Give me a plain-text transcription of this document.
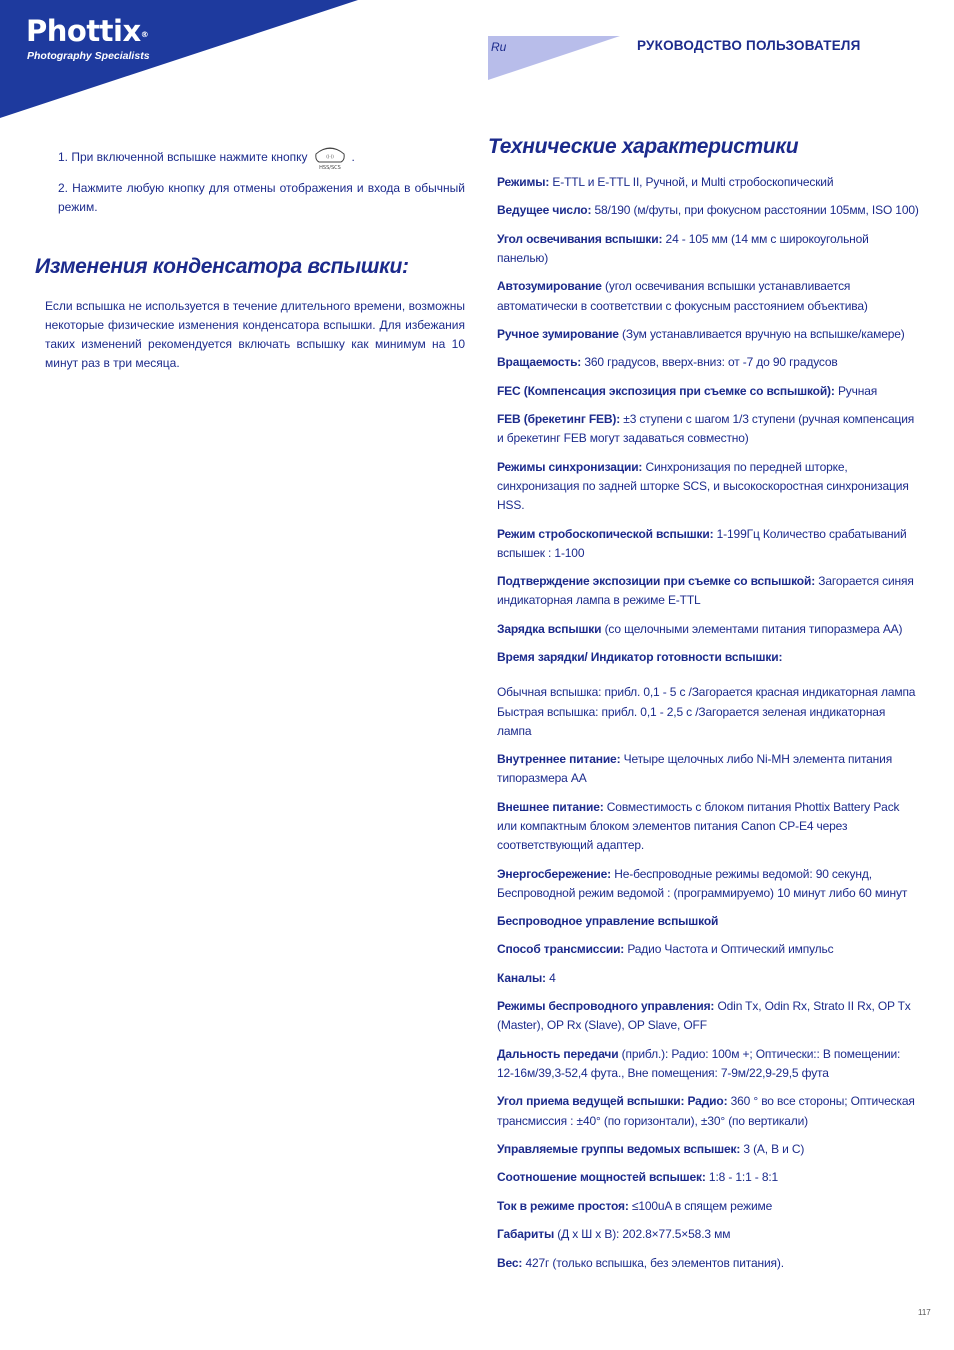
Phottix®
Photography Specialists
Ru	РУКОВОДСТВО ПОЛЬЗОВАТЕЛЯ

1. При включенной вспышке нажмите кнопку	((·))
HSS/SCS
.

2. Нажмите любую кнопку для отмены отображения и входа в обычный режим.

Изменения конденсатора вспышки:

Если вспышка не используется в течение длительного времени, возможны некоторые физические изменения конденсатора вспышки. Для избежания таких изменений рекомендуется включать вспышку как минимум на 10 минут раз в три месяца.

Технические характеристики

Режимы: E-TTL и E-TTL II, Ручной, и Multi стробоскопический

Ведущее число: 58/190 (м/футы, при фокусном расстоянии 105мм, ISO 100)

Угол освечивания вспышки: 24 - 105 мм (14 мм с широкоугольной панелью)

Автозумирование (угол освечивания вспышки устанавливается автоматически в соответствии с фокусным расстоянием объектива)

Ручное зумирование (Зум устанавливается вручную на вспышке/камере)

Вращаемость: 360 градусов, вверх-вниз: от -7 до 90 градусов

FEC (Компенсация экспозиция при съемке со вспышкой): Ручная

FEB (брекетинг FEB): ±3 ступени с шагом 1/3 ступени (ручная компенсация и брекетинг FEB могут задаваться совместно)

Режимы синхронизации: Синхронизация по передней шторке, синхронизация по задней шторке SCS, и высокоскоростная синхронизация HSS.

Режим стробоскопической вспышки: 1-199Гц Количество срабатываний вспышек : 1-100

Подтверждение экспозиции при съемке со вспышкой: Загорается синяя индикаторная лампа в режиме E-TTL

Зарядка вспышки (со щелочными элементами питания типоразмера AA)

Время зарядки/ Индикатор готовности вспышки:

Обычная вспышка: прибл. 0,1 - 5 с /Загорается красная индикаторная лампа

Быстрая вспышка: прибл. 0,1 - 2,5 с /Загорается зеленая индикаторная лампа

Внутреннее питание: Четыре щелочных либо Ni-MH элемента питания типоразмера AA

Внешнее питание: Совместимость с блоком питания Phottix Battery Pack или компактным блоком элементов питания Canon CP-E4 через соответствующий адаптер.

Энергосбережение: Не-беспроводные режимы ведомой: 90 секунд, Беспроводной режим ведомой : (программируемо) 10 минут либо 60 минут

Беспроводное управление вспышкой

Способ трансмиссии: Радио Частота и Оптический импульс

Каналы: 4

Режимы беспроводного управления: Odin Tx, Odin Rx, Strato II Rx, OP Tx (Master), OP Rx (Slave), OP Slave, OFF

Дальность передачи (прибл.): Радио: 100м +; Оптически:: В помещении: 12-16м/39,3-52,4 фута., Вне помещения: 7-9м/22,9-29,5 фута

Угол приема ведущей вспышки: Радио: 360 ° во все стороны; Оптическая трансмиссия : ±40° (по горизонтали), ±30° (по вертикали)

Управляемые группы ведомых вспышек: 3 (A, B и C)

Соотношение мощностей вспышек: 1:8 - 1:1 - 8:1

Ток в режиме простоя: ≤100uA в спящем режиме

Габариты (Д х Ш х В): 202.8×77.5×58.3 мм

Вес: 427г (только вспышка, без элементов питания).

117
